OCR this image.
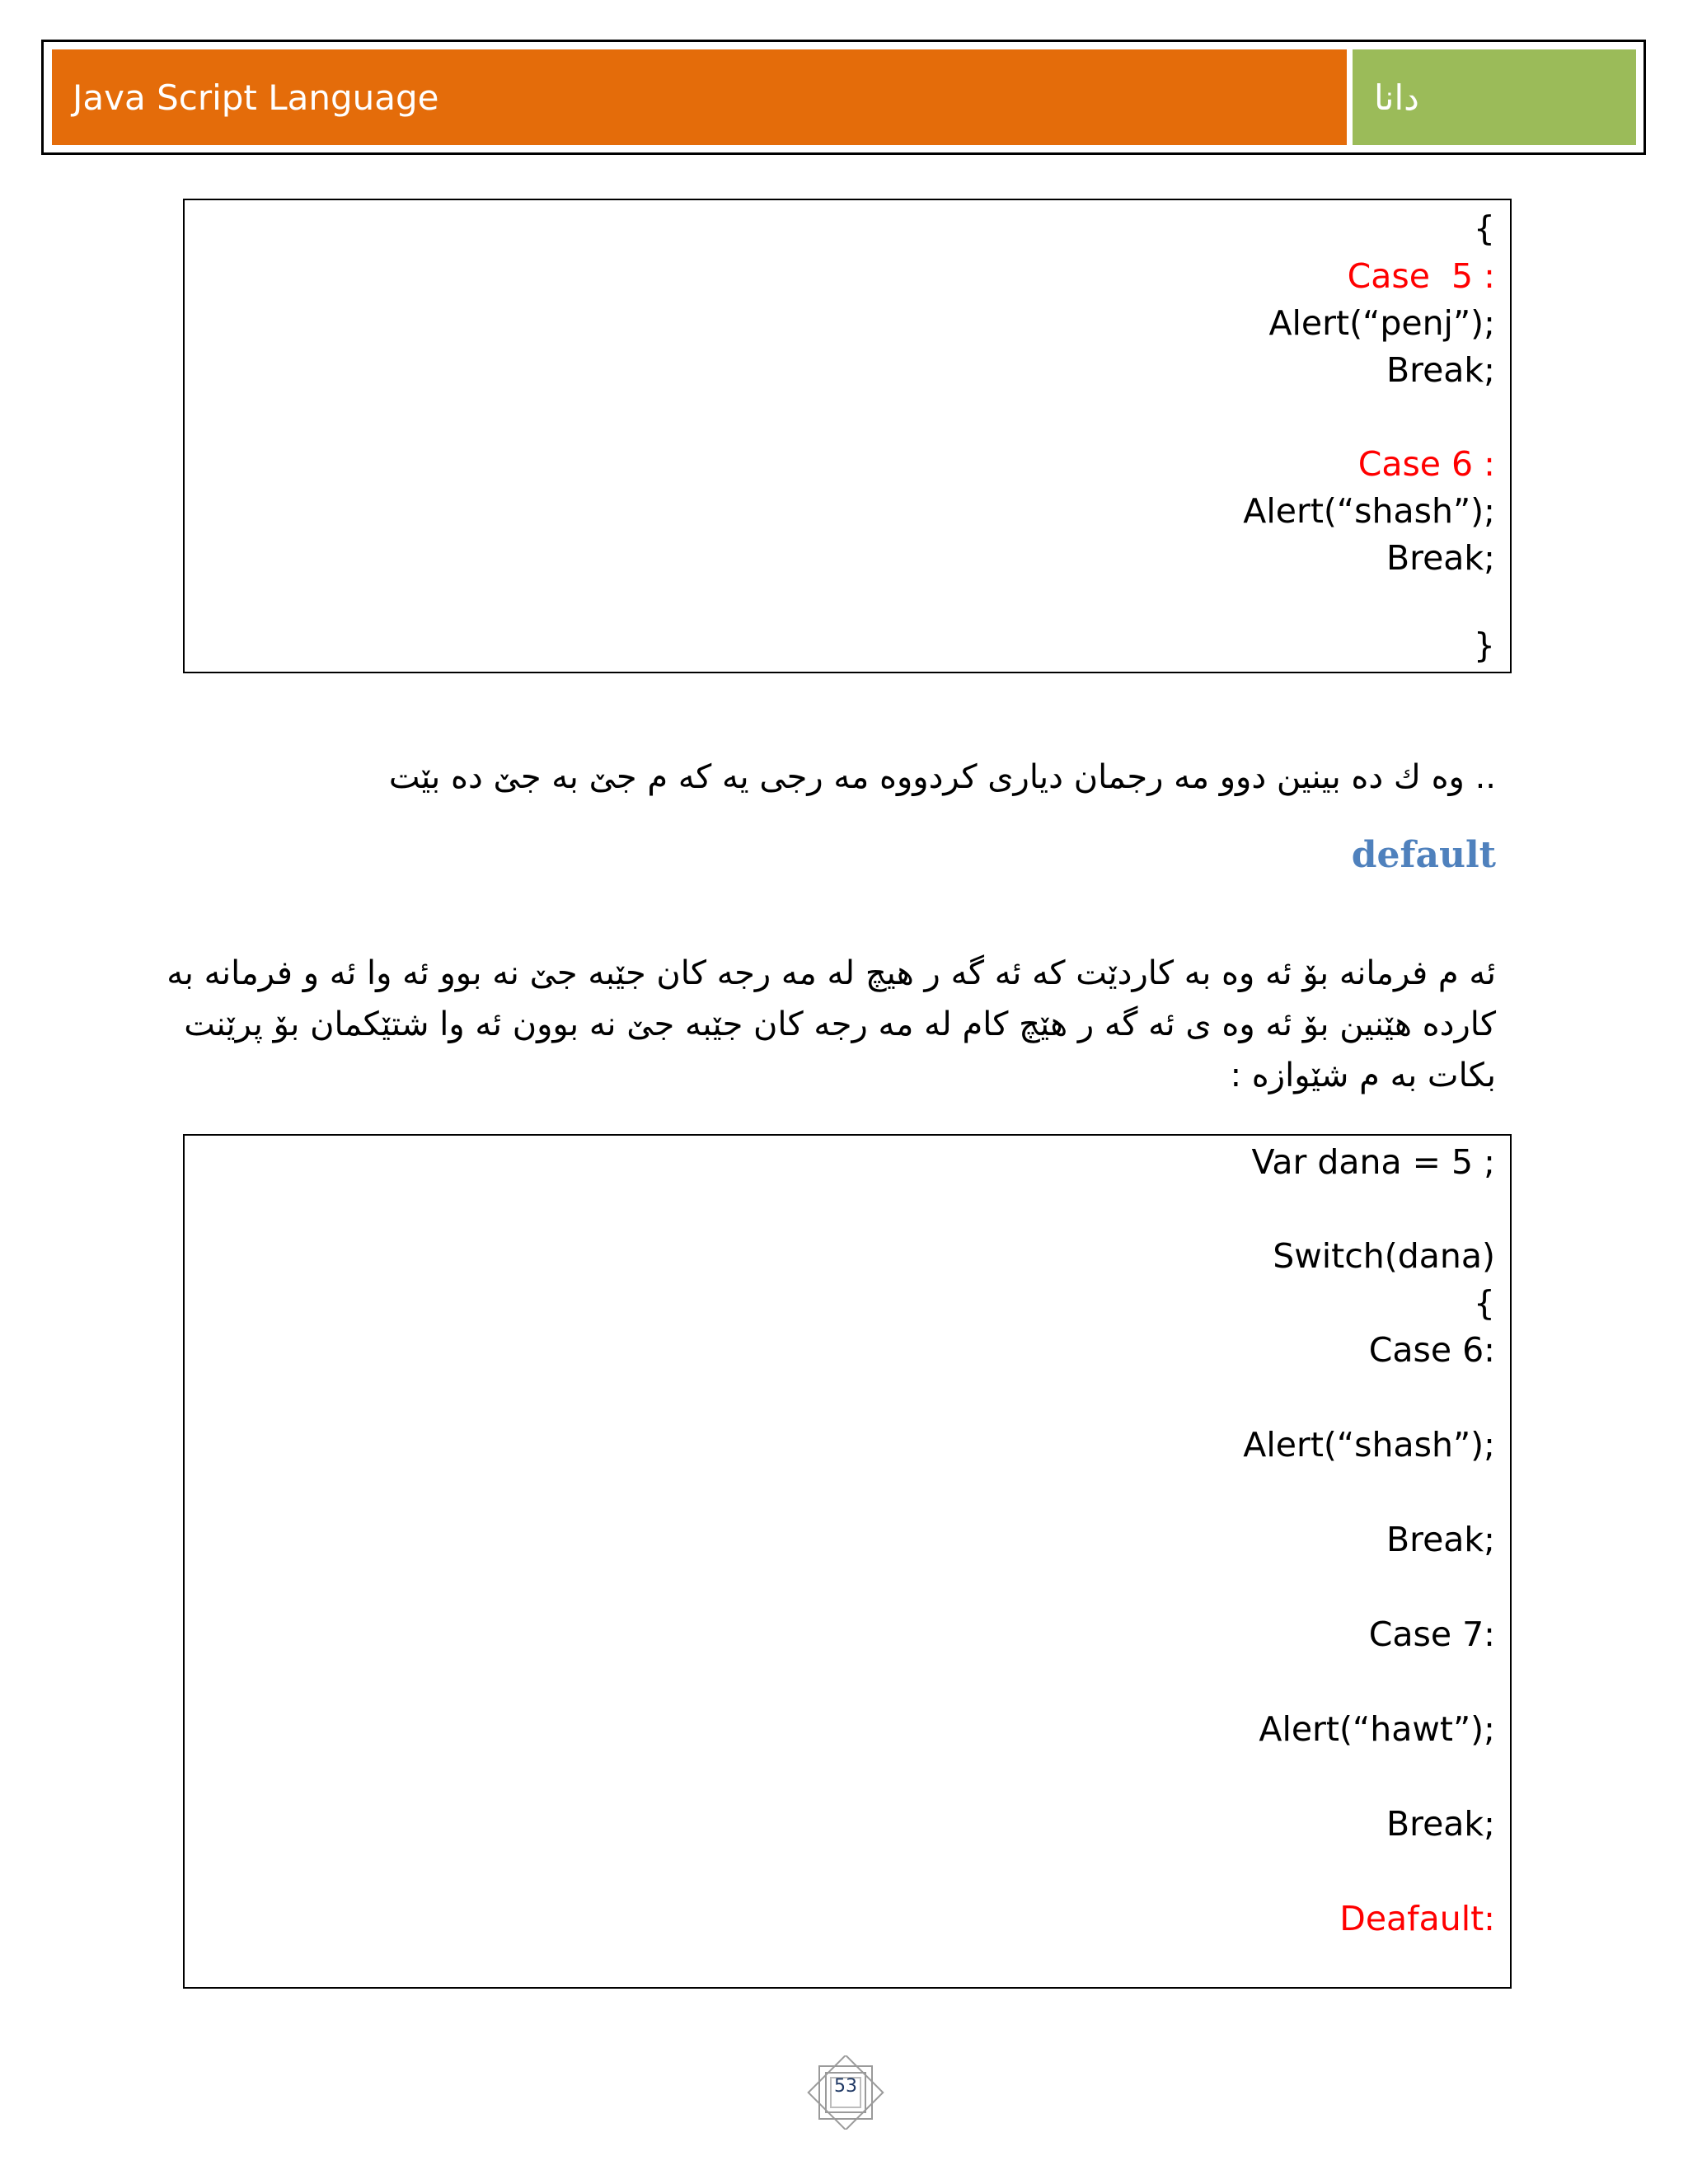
Java Script Language	دانا
{
Case  5 :
Alert(“penj”);
Break;
Case 6 :
Alert(“shash”);
Break;
}
.. وه ك ده بينين دوو مه رجمان دياری كردووه مه رجی يه كه م جێ به جێ ده بێت
default
ئه م فرمانه بۆ ئه وه به كاردێت كه ئه گه ر هيچ له مه رجه كان جێبه جێ نه بوو ئه وا ئه و فرمانه به
كارده هێنين بۆ ئه وه ی ئه گه ر هێچ كام له مه رجه كان جێبه جێ نه بوون ئه وا شتێكمان بۆ پرێنت
بكات به م شێوازه :
Var dana = 5 ;
Switch(dana)
{
Case 6:
Alert(“shash”);
Break;
Case 7:
Alert(“hawt”);
Break;
Deafault:
53
